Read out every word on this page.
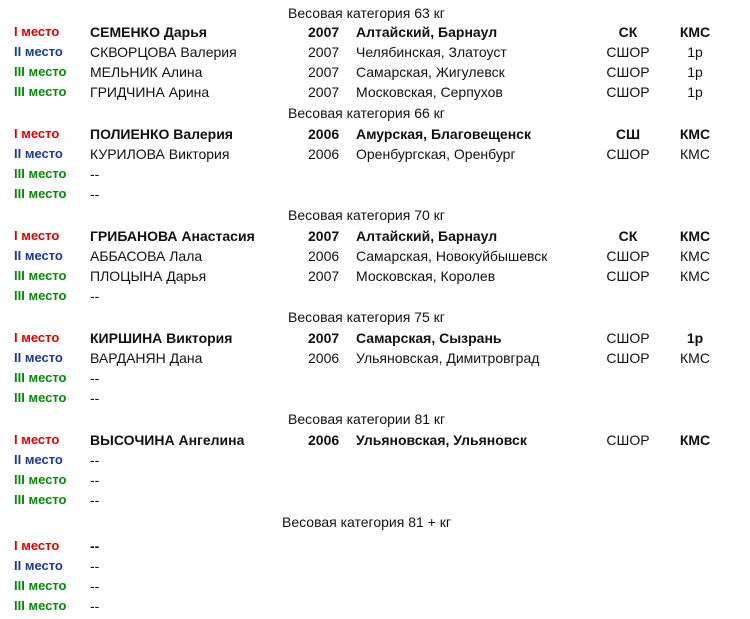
Весовая категория 63 кг
I место СЕМЕНКО Дарья	2007 Алтайский, Барнаул	СК	КМС
II место СКВОРЦОВА Валерия	2007 Челябинская, Златоуст	СШОР	1р
III место МЕЛЬНИК Алина	2007 Самарская, Жигулевск	СШОР	1р
III место ГРИДЧИНА Арина	2007 Московская, Серпухов	СШОР	1р
Весовая категория 66 кг
I место ПОЛИЕНКО Валерия	2006 Амурская, Благовещенск	СШ	КМС
II место КУРИЛОВА Виктория	2006 Оренбургская, Оренбург	СШОР	КМС
III место --
III место --
Весовая категория 70 кг
I место ГРИБАНОВА Анастасия	2007 Алтайский, Барнаул	СК	КМС
II место АББАСОВА Лала	2006 Самарская, Новокуйбышевск	СШОР	КМС
III место ПЛОЦЫНА Дарья	2007 Московская, Королев	СШОР	КМС
III место --
Весовая категория 75 кг
I место КИРШИНА Виктория	2007 Самарская, Сызрань	СШОР	1р
II место ВАРДАНЯН Дана	2006 Ульяновская, Димитровград	СШОР	КМС
III место --
III место --
Весовая категории 81 кг
I место ВЫСОЧИНА Ангелина	2006 Ульяновская, Ульяновск	СШОР	КМС
II место --
III место --
III место --
Весовая категория 81 + кг
I место --
II место --
III место --
III место --
